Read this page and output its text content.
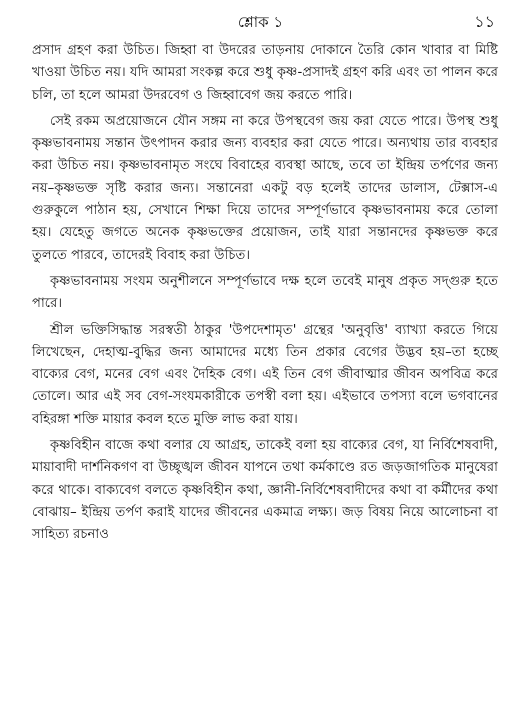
শ্লোক ১	১১

প্রসাদ গ্রহণ করা উচিত। জিহ্বা বা উদরের তাড়নায় দোকানে তৈরি কোন খাবার বা মিষ্টি খাওয়া উচিত নয়। যদি আমরা সংকল্প করে শুধু কৃষ্ণ-প্রসাদই গ্রহণ করি এবং তা পালন করে চলি, তা হলে আমরা উদরবেগ ও জিহ্বাবেগ জয় করতে পারি।

সেই রকম অপ্রয়োজনে যৌন সঙ্গম না করে উপস্থবেগ জয় করা যেতে পারে। উপস্থ শুধু কৃষ্ণভাবনাময় সন্তান উৎপাদন করার জন্য ব্যবহার করা যেতে পারে। অন্যথায় তার ব্যবহার করা উচিত নয়। কৃষ্ণভাবনামৃত সংঘে বিবাহের ব্যবস্থা আছে, তবে তা ইন্দ্রিয় তর্পণের জন্য নয়–কৃষ্ণভক্ত সৃষ্টি করার জন্য। সন্তানেরা একটু বড় হলেই তাদের ডালাস, টেক্সাস-এ গুরুকুলে পাঠান হয়, সেখানে শিক্ষা দিয়ে তাদের সম্পূর্ণভাবে কৃষ্ণভাবনাময় করে তোলা হয়। যেহেতু জগতে অনেক কৃষ্ণভক্তের প্রয়োজন, তাই যারা সন্তানদের কৃষ্ণভক্ত করে তুলতে পারবে, তাদেরই বিবাহ করা উচিত।

কৃষ্ণভাবনাময় সংযম অনুশীলনে সম্পূর্ণভাবে দক্ষ হলে তবেই মানুষ প্রকৃত সদ্গুরু হতে পারে।

শ্রীল ভক্তিসিদ্ধান্ত সরস্বতী ঠাকুর 'উপদেশামৃত' গ্রন্থের 'অনুবৃত্তি' ব্যাখ্যা করতে গিয়ে লিখেছেন, দেহাত্ম-বুদ্ধির জন্য আমাদের মধ্যে তিন প্রকার বেগের উদ্ভব হয়–তা হচ্ছে বাক্যের বেগ, মনের বেগ এবং দৈহিক বেগ। এই তিন বেগ জীবাত্মার জীবন অপবিত্র করে তোলে। আর এই সব বেগ-সংযমকারীকে তপস্বী বলা হয়। এইভাবে তপস্যা বলে ভগবানের বহিরঙ্গা শক্তি মায়ার কবল হতে মুক্তি লাভ করা যায়।

কৃষ্ণবিহীন বাজে কথা বলার যে আগ্রহ, তাকেই বলা হয় বাক্যের বেগ, যা নির্বিশেষবাদী, মায়াবাদী দার্শনিকগণ বা উচ্ছৃঙ্খল জীবন যাপনে তথা কর্মকাণ্ডে রত জড়জাগতিক মানুষেরা করে থাকে। বাক্যবেগ বলতে কৃষ্ণবিহীন কথা, জ্ঞানী-নির্বিশেষবাদীদের কথা বা কর্মীদের কথা বোঝায়– ইন্দ্রিয় তর্পণ করাই যাদের জীবনের একমাত্র লক্ষ্য। জড় বিষয় নিয়ে আলোচনা বা সাহিত্য রচনাও
